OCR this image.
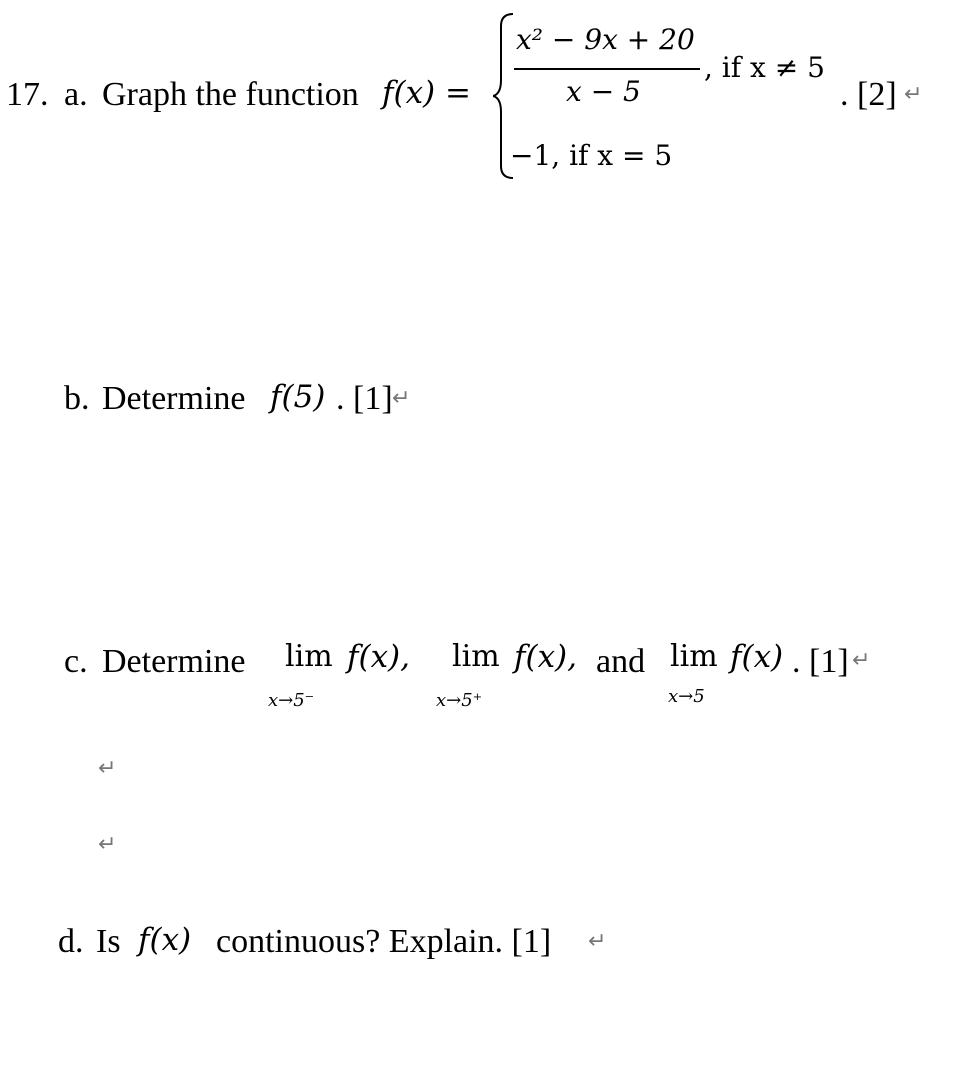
17. a. Graph the function f(x) =
x² − 9x + 20
x − 5
, if x ≠ 5
−1, if x = 5
. [2] ↵
b. Determine f(5) . [1] ↵
c. Determine lim
x→5⁻
f(x), lim
x→5⁺
f(x), and lim
x→5
f(x) . [1] ↵
↵
↵
d. Is f(x) continuous? Explain. [1] ↵
